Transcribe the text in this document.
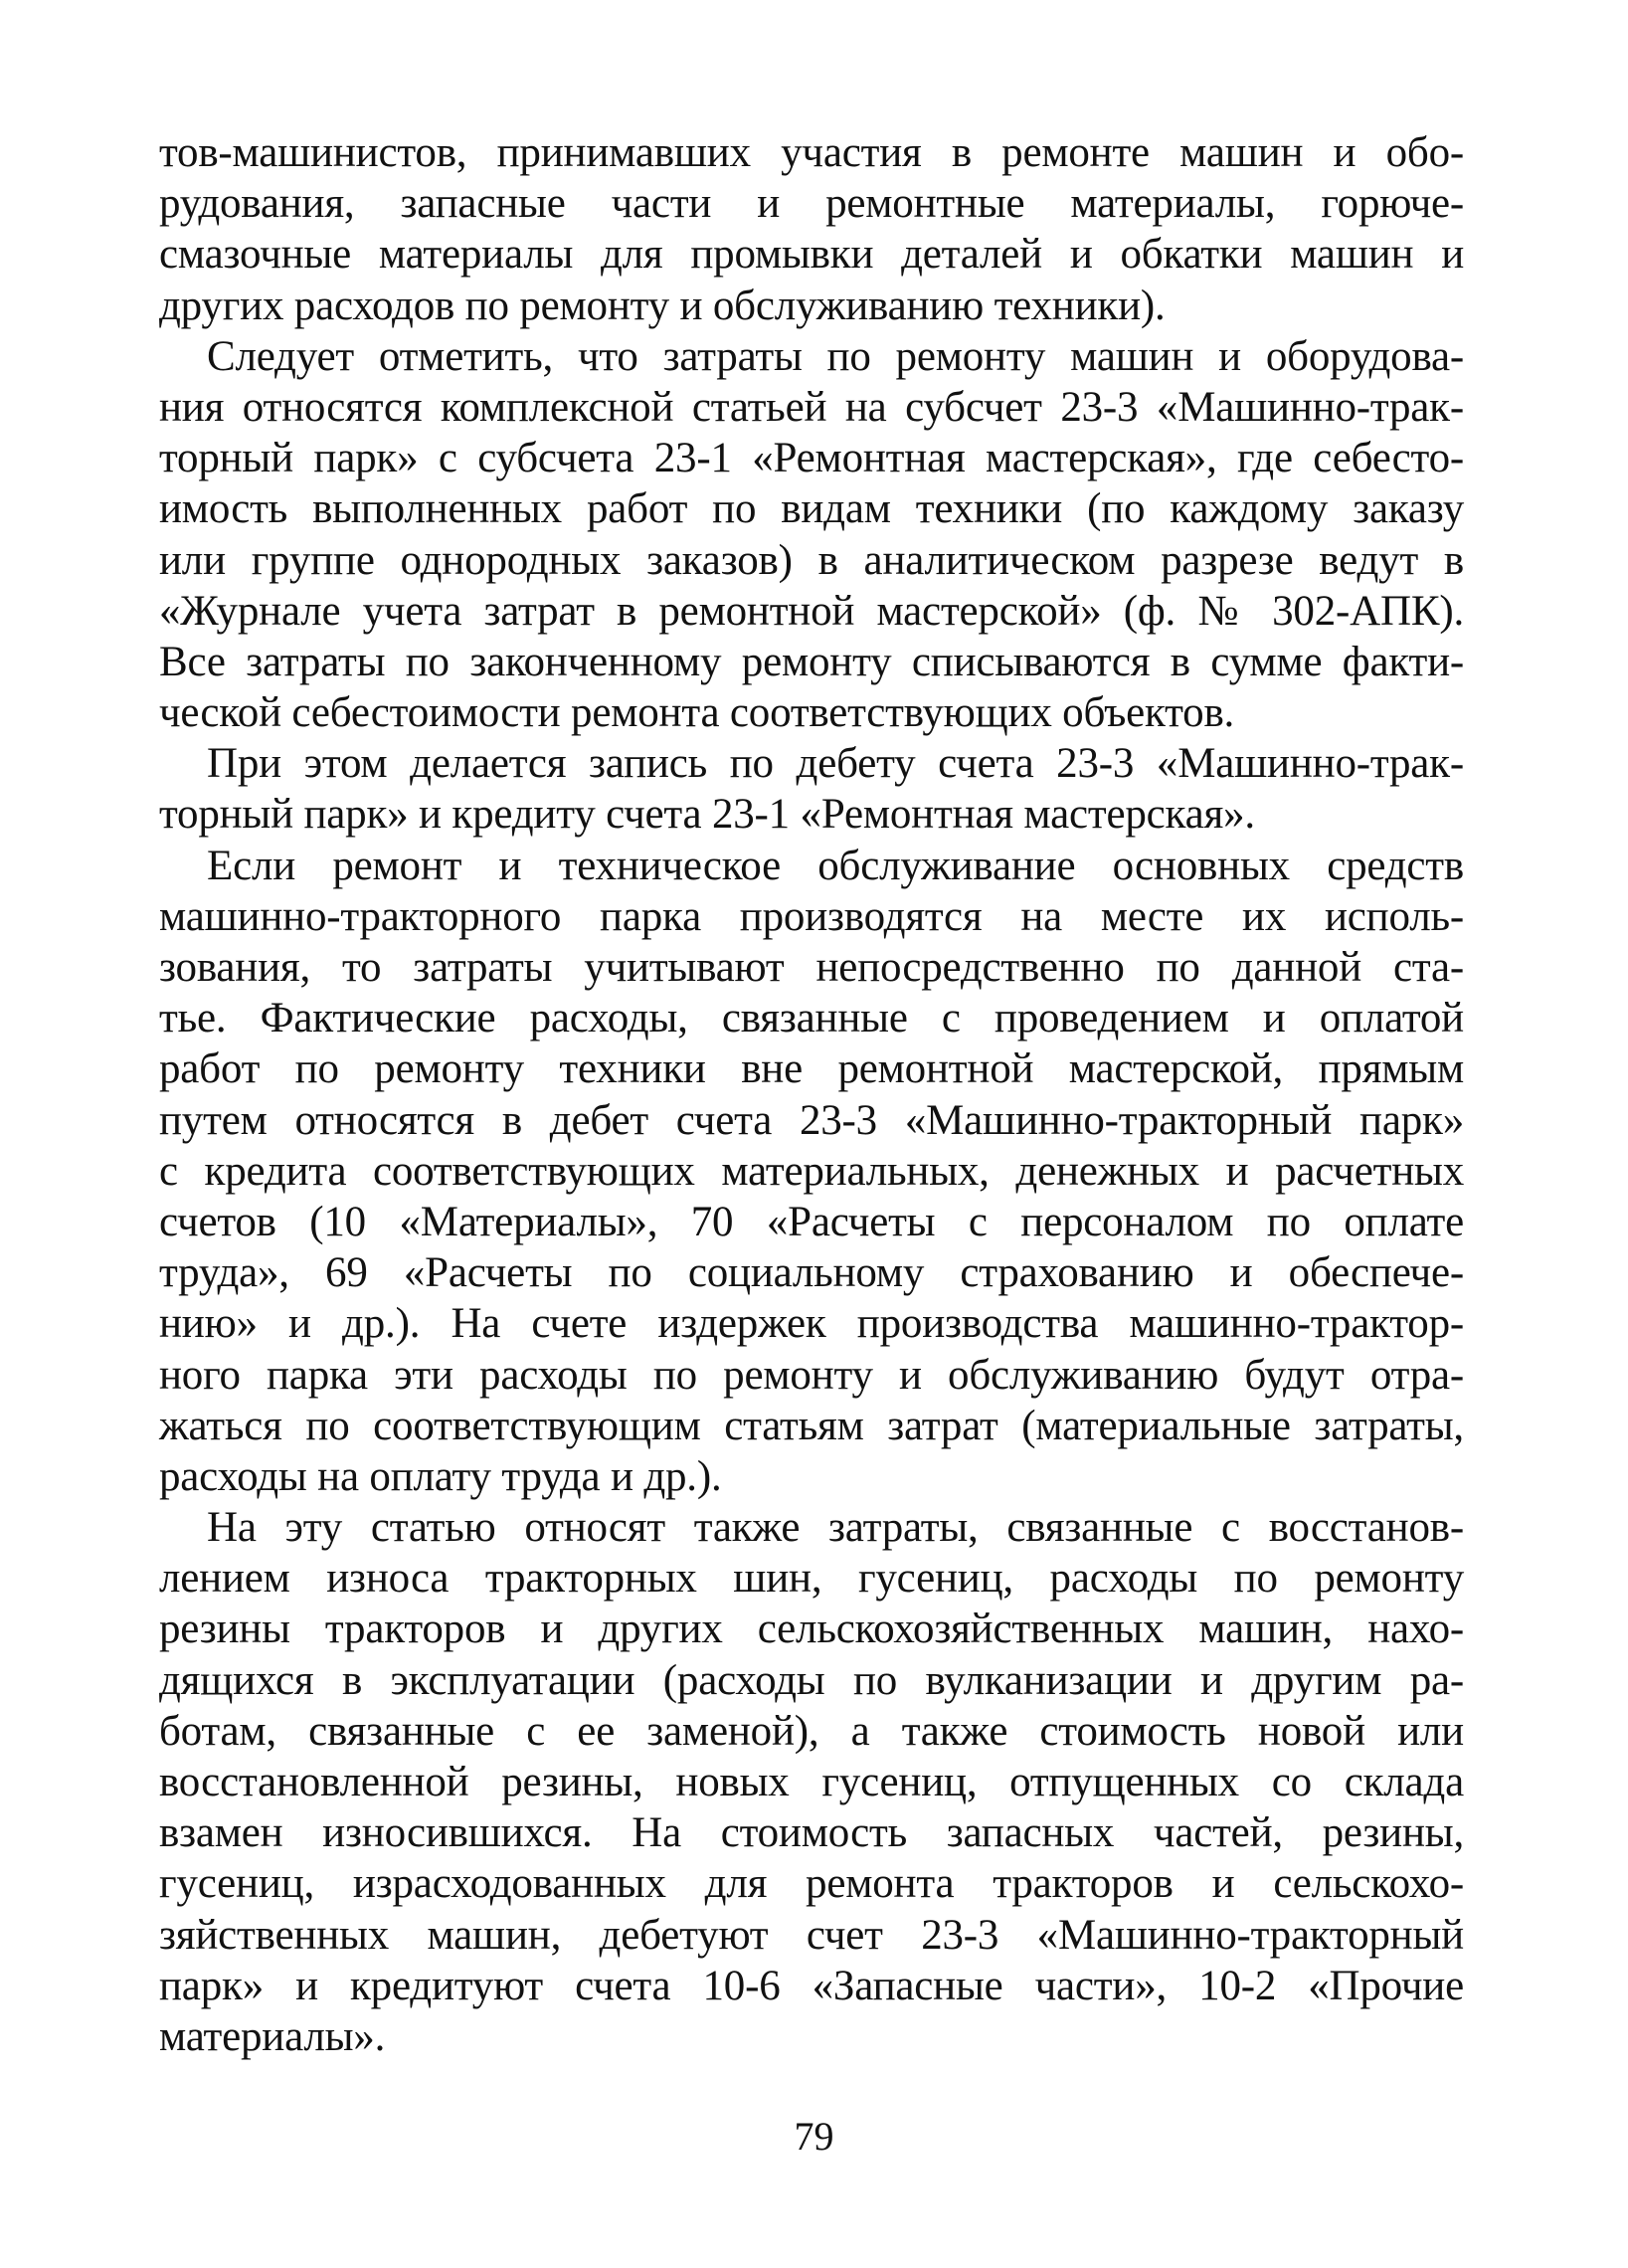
тов-машинистов, принимавших участия в ремонте машин и обо-
рудования, запасные части и ремонтные материалы, горюче-
смазочные материалы для промывки деталей и обкатки машин и
других расходов по ремонту и обслуживанию техники).
Следует отметить, что затраты по ремонту машин и оборудова-
ния относятся комплексной статьей на субсчет 23-3 «Машинно-трак-
торный парк» с субсчета 23-1 «Ремонтная мастерская», где себесто-
имость выполненных работ по видам техники (по каждому заказу
или группе однородных заказов) в аналитическом разрезе ведут в
«Журнале учета затрат в ремонтной мастерской» (ф. № 302-АПК).
Все затраты по законченному ремонту списываются в сумме факти-
ческой себестоимости ремонта соответствующих объектов.
При этом делается запись по дебету счета 23-3 «Машинно-трак-
торный парк» и кредиту счета 23-1 «Ремонтная мастерская».
Если ремонт и техническое обслуживание основных средств
машинно-тракторного парка производятся на месте их исполь-
зования, то затраты учитывают непосредственно по данной ста-
тье. Фактические расходы, связанные с проведением и оплатой
работ по ремонту техники вне ремонтной мастерской, прямым
путем относятся в дебет счета 23-3 «Машинно-тракторный парк»
с кредита соответствующих материальных, денежных и расчетных
счетов (10 «Материалы», 70 «Расчеты с персоналом по оплате
труда», 69 «Расчеты по социальному страхованию и обеспече-
нию» и др.). На счете издержек производства машинно-трактор-
ного парка эти расходы по ремонту и обслуживанию будут отра-
жаться по соответствующим статьям затрат (материальные затраты,
расходы на оплату труда и др.).
На эту статью относят также затраты, связанные с восстанов-
лением износа тракторных шин, гусениц, расходы по ремонту
резины тракторов и других сельскохозяйственных машин, нахо-
дящихся в эксплуатации (расходы по вулканизации и другим ра-
ботам, связанные с ее заменой), а также стоимость новой или
восстановленной резины, новых гусениц, отпущенных со склада
взамен износившихся. На стоимость запасных частей, резины,
гусениц, израсходованных для ремонта тракторов и сельскохо-
зяйственных машин, дебетуют счет 23-3 «Машинно-тракторный
парк» и кредитуют счета 10-6 «Запасные части», 10-2 «Прочие
материалы».
79
